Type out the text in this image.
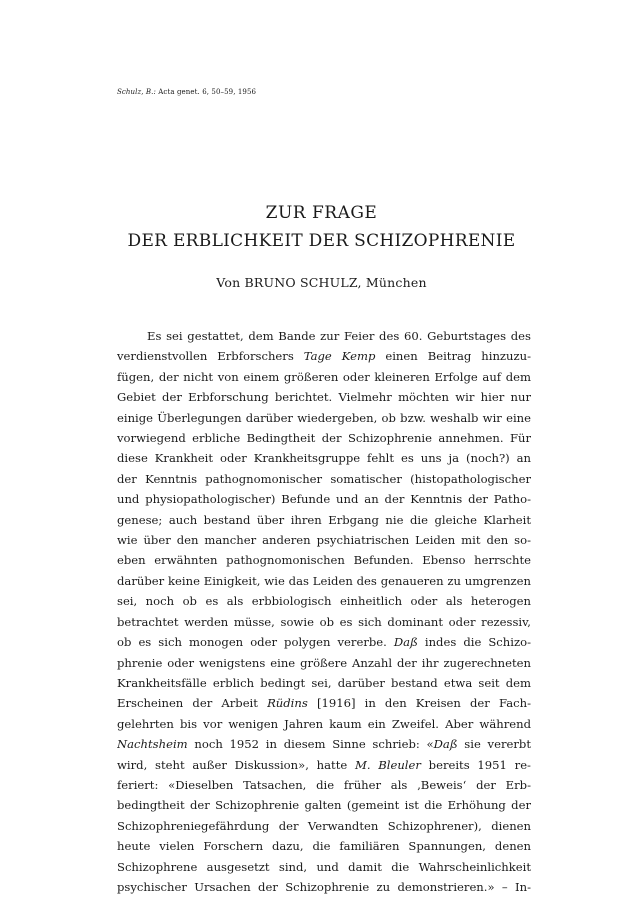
Schulz, B.: Acta genet. 6, 50–59, 1956
ZUR FRAGE
DER ERBLICHKEIT DER SCHIZOPHRENIE
Von BRUNO SCHULZ, München
Es sei gestattet, dem Bande zur Feier des 60. Geburtstages des
verdienstvollen Erbforschers Tage Kemp einen Beitrag hinzuzu-
fügen, der nicht von einem größeren oder kleineren Erfolge auf dem
Gebiet der Erbforschung berichtet. Vielmehr möchten wir hier nur
einige Überlegungen darüber wiedergeben, ob bzw. weshalb wir eine
vorwiegend erbliche Bedingtheit der Schizophrenie annehmen. Für
diese Krankheit oder Krankheitsgruppe fehlt es uns ja (noch?) an
der Kenntnis pathognomonischer somatischer (histopathologischer
und physiopathologischer) Befunde und an der Kenntnis der Patho-
genese; auch bestand über ihren Erbgang nie die gleiche Klarheit
wie über den mancher anderen psychiatrischen Leiden mit den so-
eben erwähnten pathognomonischen Befunden. Ebenso herrschte
darüber keine Einigkeit, wie das Leiden des genaueren zu umgrenzen
sei, noch ob es als erbbiologisch einheitlich oder als heterogen
betrachtet werden müsse, sowie ob es sich dominant oder rezessiv,
ob es sich monogen oder polygen vererbe. Daß indes die Schizo-
phrenie oder wenigstens eine größere Anzahl der ihr zugerechneten
Krankheitsfälle erblich bedingt sei, darüber bestand etwa seit dem
Erscheinen der Arbeit Rüdins [1916] in den Kreisen der Fach-
gelehrten bis vor wenigen Jahren kaum ein Zweifel. Aber während
Nachtsheim noch 1952 in diesem Sinne schrieb: «Daß sie vererbt
wird, steht außer Diskussion», hatte M. Bleuler bereits 1951 re-
feriert: «Dieselben Tatsachen, die früher als ‚Beweis‘ der Erb-
bedingtheit der Schizophrenie galten (gemeint ist die Erhöhung der
Schizophreniegefährdung der Verwandten Schizophrener), dienen
heute vielen Forschern dazu, die familiären Spannungen, denen
Schizophrene ausgesetzt sind, und damit die Wahrscheinlichkeit
psychischer Ursachen der Schizophrenie zu demonstrieren.» – In-
